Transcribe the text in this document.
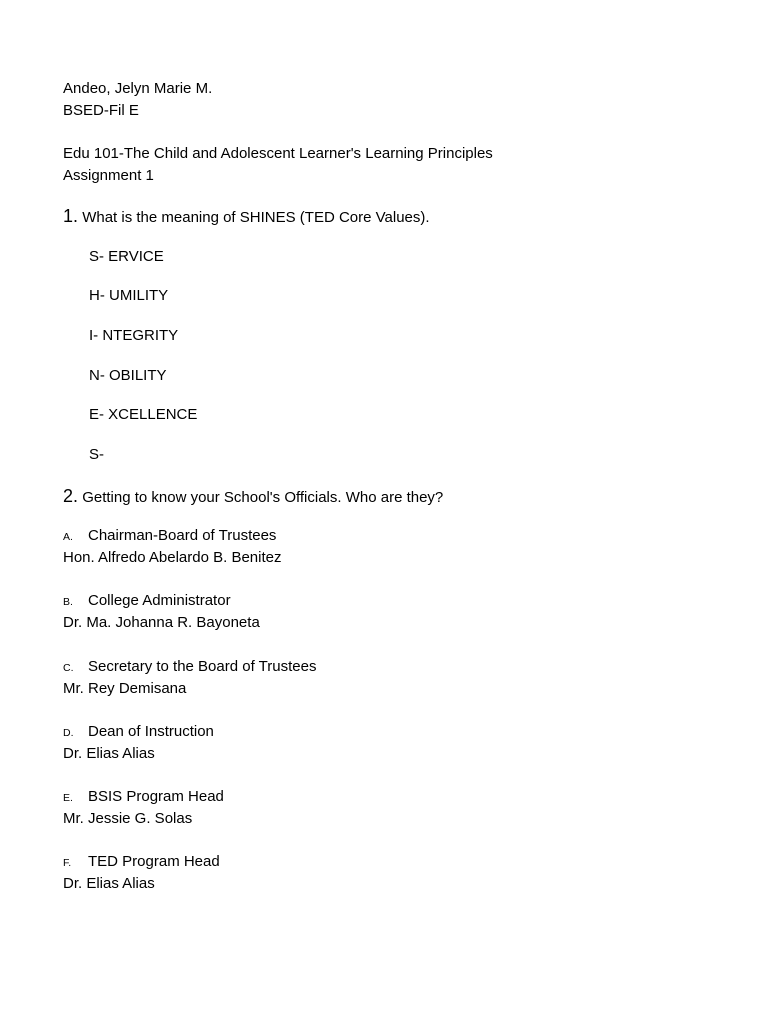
Andeo, Jelyn Marie M.
BSED-Fil E
Edu 101-The Child and Adolescent Learner's Learning Principles
Assignment 1
1. What is the meaning of SHINES (TED Core Values).
S- ERVICE
H- UMILITY
I- NTEGRITY
N- OBILITY
E- XCELLENCE
S-
2. Getting to know your School's Officials. Who are they?
A. Chairman-Board of Trustees
Hon. Alfredo Abelardo B. Benitez
B. College Administrator
Dr. Ma. Johanna R. Bayoneta
C. Secretary to the Board of Trustees
Mr. Rey Demisana
D. Dean of Instruction
Dr. Elias Alias
E. BSIS Program Head
Mr. Jessie G. Solas
F. TED Program Head
Dr. Elias Alias
